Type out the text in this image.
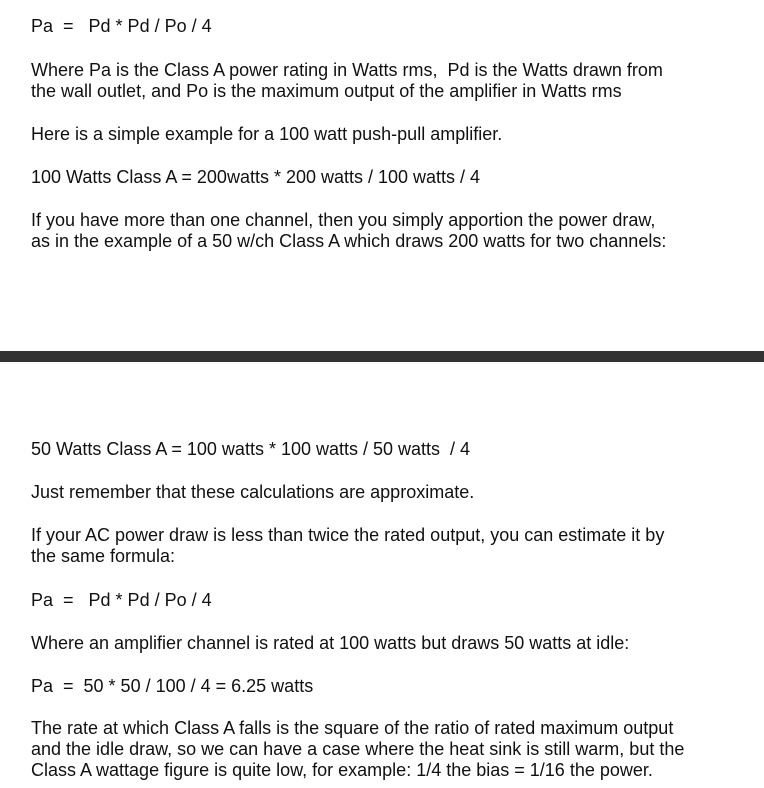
Pa  =   Pd * Pd / Po / 4

Where Pa is the Class A power rating in Watts rms,  Pd is the Watts drawn from
the wall outlet, and Po is the maximum output of the amplifier in Watts rms

Here is a simple example for a 100 watt push-pull amplifier.

100 Watts Class A = 200watts * 200 watts / 100 watts / 4

If you have more than one channel, then you simply apportion the power draw,
as in the example of a 50 w/ch Class A which draws 200 watts for two channels:

50 Watts Class A = 100 watts * 100 watts / 50 watts  / 4

Just remember that these calculations are approximate.

If your AC power draw is less than twice the rated output, you can estimate it by
the same formula:

Pa  =   Pd * Pd / Po / 4

Where an amplifier channel is rated at 100 watts but draws 50 watts at idle:

Pa  =  50 * 50 / 100 / 4 = 6.25 watts

The rate at which Class A falls is the square of the ratio of rated maximum output
and the idle draw, so we can have a case where the heat sink is still warm, but the
Class A wattage figure is quite low, for example: 1/4 the bias = 1/16 the power.
